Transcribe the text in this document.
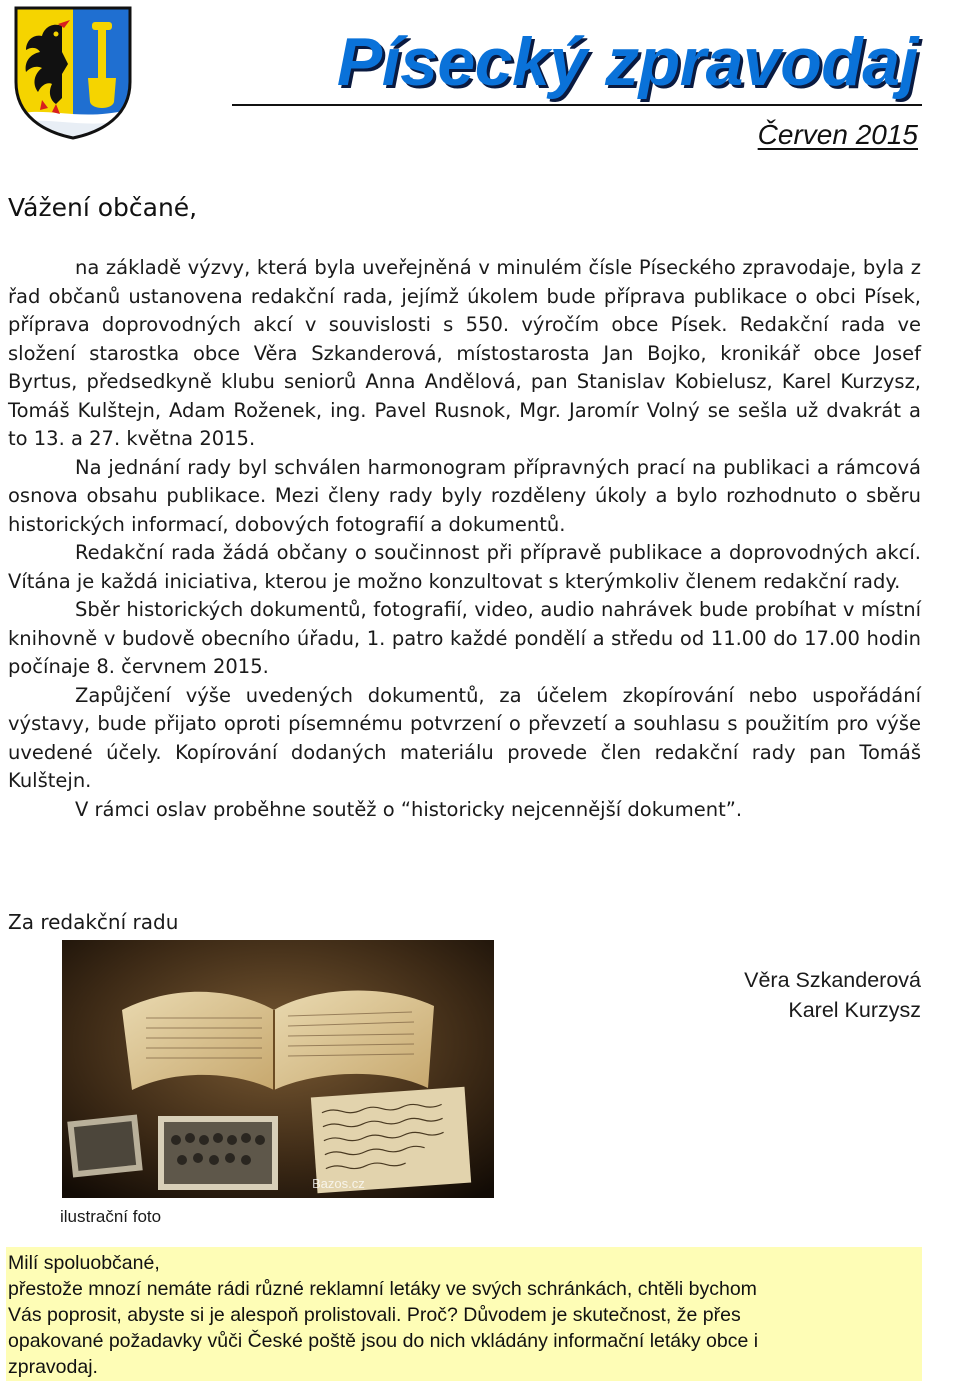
Písecký zpravodaj
Červen 2015
Vážení občané,

na základě výzvy, která byla uveřejněná v minulém čísle Píseckého zpravodaje, byla z řad občanů ustanovena redakční rada, jejímž úkolem bude příprava publikace o obci Písek, příprava doprovodných akcí v souvislosti s 550. výročím obce Písek. Redakční rada ve složení starostka obce Věra Szkanderová, místostarosta Jan Bojko, kronikář obce Josef Byrtus, předsedkyně klubu seniorů Anna Andělová, pan Stanislav Kobielusz, Karel Kurzysz, Tomáš Kulštejn, Adam Roženek, ing. Pavel Rusnok, Mgr. Jaromír Volný se sešla už dvakrát a to 13. a 27. května 2015.

Na jednání rady byl schválen harmonogram přípravných prací na publikaci a rámcová osnova obsahu publikace. Mezi členy rady byly rozděleny úkoly a bylo rozhodnuto o sběru historických informací, dobových fotografií a dokumentů.

Redakční rada žádá občany o součinnost při přípravě publikace a doprovodných akcí. Vítána je každá iniciativa, kterou je možno konzultovat s kterýmkoliv členem redakční rady.

Sběr historických dokumentů, fotografií, video, audio nahrávek bude probíhat v místní knihovně v budově obecního úřadu, 1. patro každé pondělí a středu od 11.00 do 17.00 hodin počínaje 8. červnem 2015.

Zapůjčení výše uvedených dokumentů, za účelem zkopírování nebo uspořádání výstavy, bude přijato oproti písemnému potvrzení o převzetí a souhlasu s použitím pro výše uvedené účely. Kopírování dodaných materiálu provede člen redakční rady pan Tomáš Kulštejn.

V rámci oslav proběhne soutěž o “historicky nejcennější dokument”.

Za redakční radu
Bazos.cz
ilustrační foto
Věra Szkanderová
Karel Kurzysz
Milí spoluobčané,
přestože mnozí nemáte rádi různé reklamní letáky ve svých schránkách, chtěli bychom
Vás poprosit, abyste si je alespoň prolistovali. Proč? Důvodem je skutečnost, že přes
opakované požadavky vůči České poště jsou do nich vkládány informační letáky obce i
zpravodaj.
